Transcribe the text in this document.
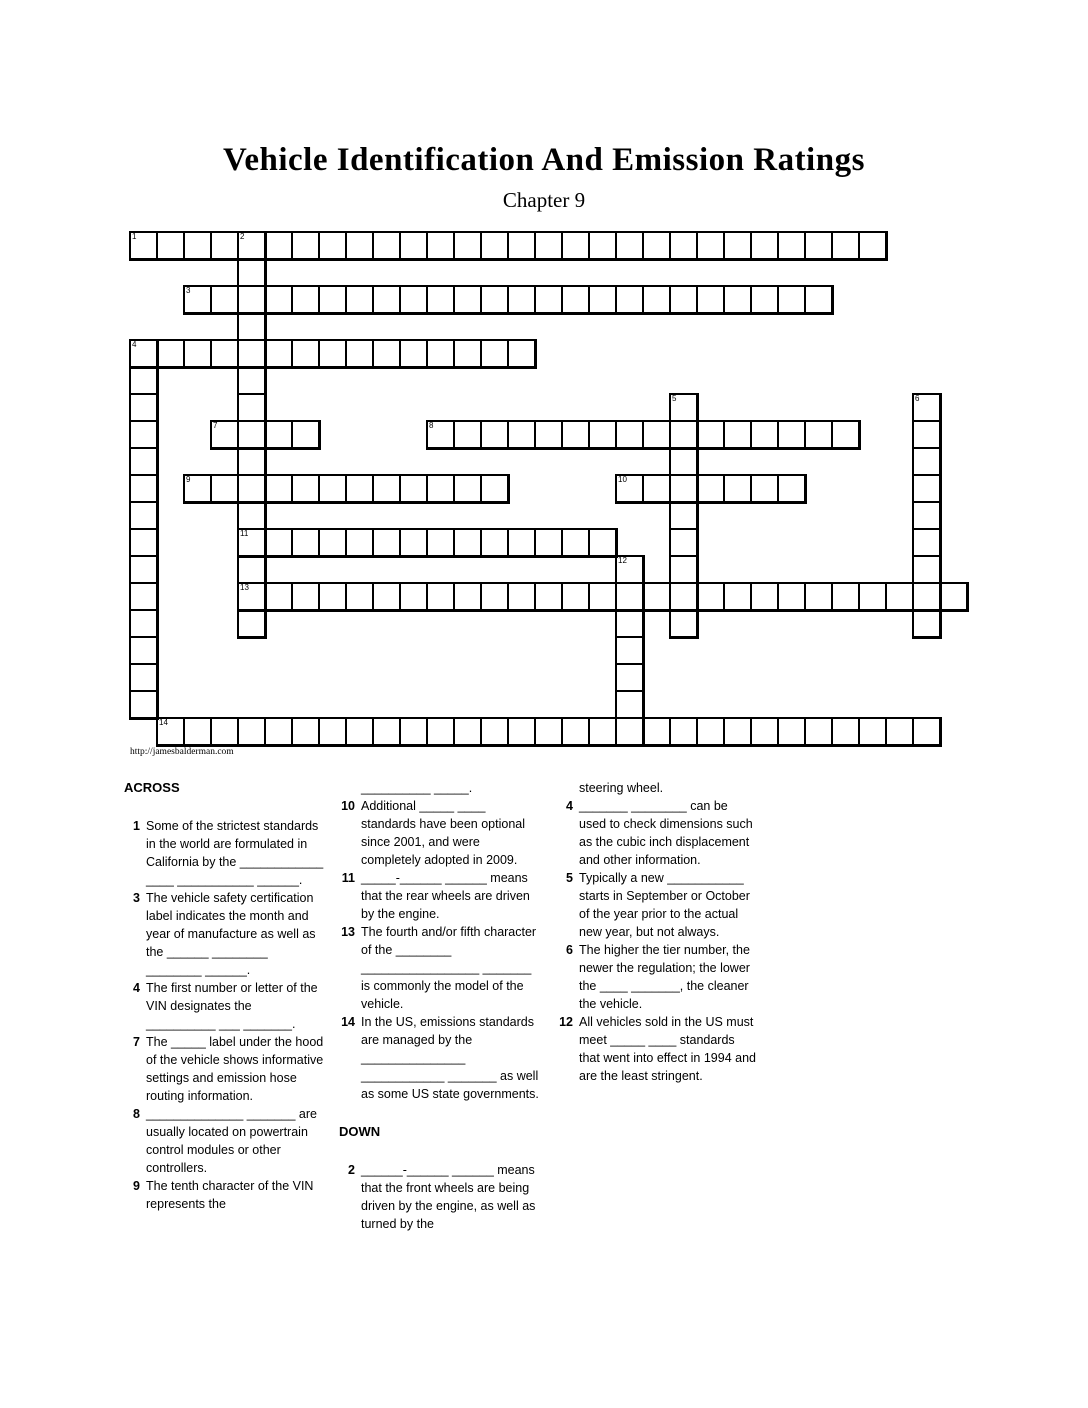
Vehicle Identification And Emission Ratings
Chapter 9
1	2
3
4
5	6
7	8
9	10
11
12
13
14
http://jamesbalderman.com
ACROSS
1 Some of the strictest standards in the world are formulated in California by the ____________ ____ ___________ ______.
3 The vehicle safety certification label indicates the month and year of manufacture as well as the ______ ________ ________ ______.
4 The first number or letter of the VIN designates the __________ ___ _______.
7 The _____ label under the hood of the vehicle shows informative settings and emission hose routing information.
8 ______________ _______ are usually located on powertrain control modules or other controllers.
9 The tenth character of the VIN represents the
__________ _____.
10 Additional _____ ____ standards have been optional since 2001, and were completely adopted in 2009.
11 _____-______ ______ means that the rear wheels are driven by the engine.
13 The fourth and/or fifth character of the ________ _________________ _______ is commonly the model of the vehicle.
14 In the US, emissions standards are managed by the _______________ ____________ _______ as well as some US state governments.
DOWN
2 ______-______ ______ means that the front wheels are being driven by the engine, as well as turned by the
steering wheel.
4 _______ ________ can be used to check dimensions such as the cubic inch displacement and other information.
5 Typically a new ___________ starts in September or October of the year prior to the actual new year, but not always.
6 The higher the tier number, the newer the regulation; the lower the ____ _______, the cleaner the vehicle.
12 All vehicles sold in the US must meet _____ ____ standards that went into effect in 1994 and are the least stringent.
